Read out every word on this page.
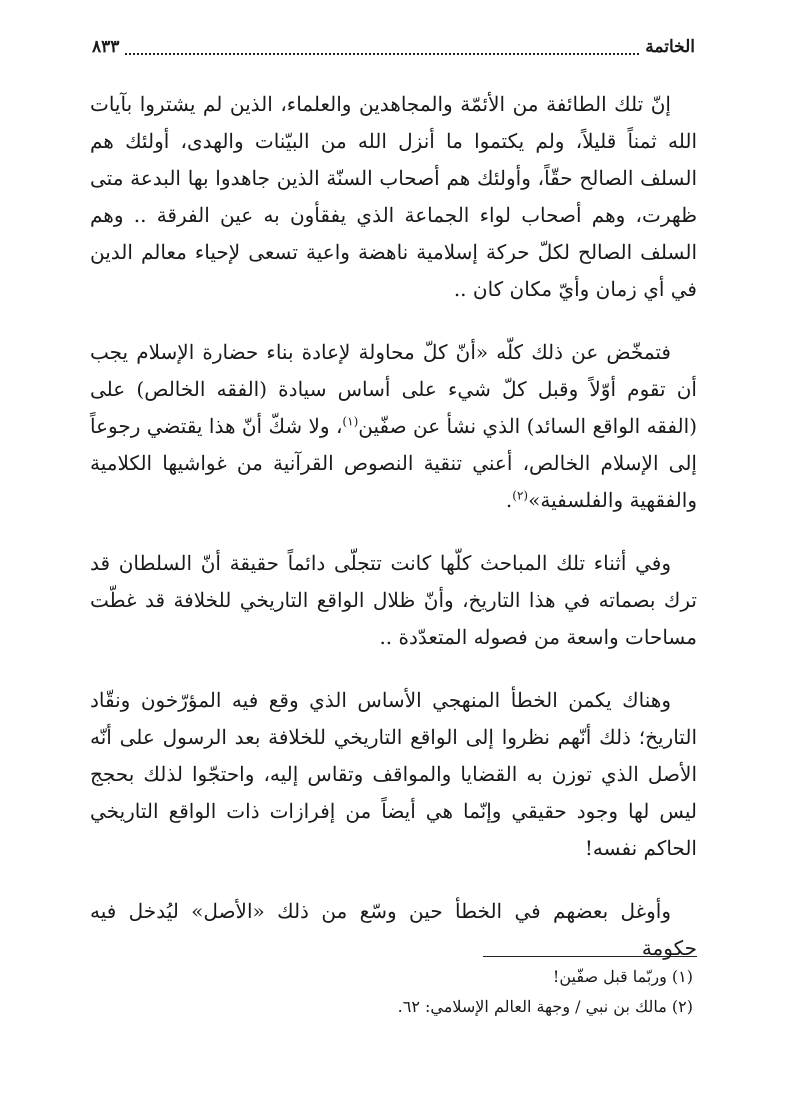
الخاتمة
٨٣٣

إنّ تلك الطائفة من الأئمّة والمجاهدين والعلماء، الذين لم يشتروا بآيات الله ثمناً قليلاً، ولم يكتموا ما أنزل الله من البيّنات والهدى، أولئك هم السلف الصالح حقّاً، وأولئك هم أصحاب السنّة الذين جاهدوا بها البدعة متى ظهرت، وهم أصحاب لواء الجماعة الذي يفقأون به عين الفرقة .. وهم السلف الصالح لكلّ حركة إسلامية ناهضة واعية تسعى لإحياء معالم الدين في أي زمان وأيّ مكان كان ..

فتمخّض عن ذلك كلّه «أنّ كلّ محاولة لإعادة بناء حضارة الإسلام يجب أن تقوم أوّلاً وقبل كلّ شيء على أساس سيادة (الفقه الخالص) على (الفقه الواقع السائد) الذي نشأ عن صفّين$^{(١)}$، ولا شكّ أنّ هذا يقتضي رجوعاً إلى الإسلام الخالص، أعني تنقية النصوص القرآنية من غواشيها الكلامية والفقهية والفلسفية»$^{(٢)}$.

وفي أثناء تلك المباحث كلّها كانت تتجلّى دائماً حقيقة أنّ السلطان قد ترك بصماته في هذا التاريخ، وأنّ ظلال الواقع التاريخي للخلافة قد غطّت مساحات واسعة من فصوله المتعدّدة ..

وهناك يكمن الخطأ المنهجي الأساس الذي وقع فيه المؤرّخون ونقّاد التاريخ؛ ذلك أنّهم نظروا إلى الواقع التاريخي للخلافة بعد الرسول على أنّه الأصل الذي توزن به القضايا والمواقف وتقاس إليه، واحتجّوا لذلك بحجج ليس لها وجود حقيقي وإنّما هي أيضاً من إفرازات ذات الواقع التاريخي الحاكم نفسه!

وأوغل بعضهم في الخطأ حين وسّع من ذلك «الأصل» ليُدخل فيه حكومة

(١) وربّما قبل صفّين!

(٢) مالك بن نبي / وجهة العالم الإسلامي: ٦٢.
